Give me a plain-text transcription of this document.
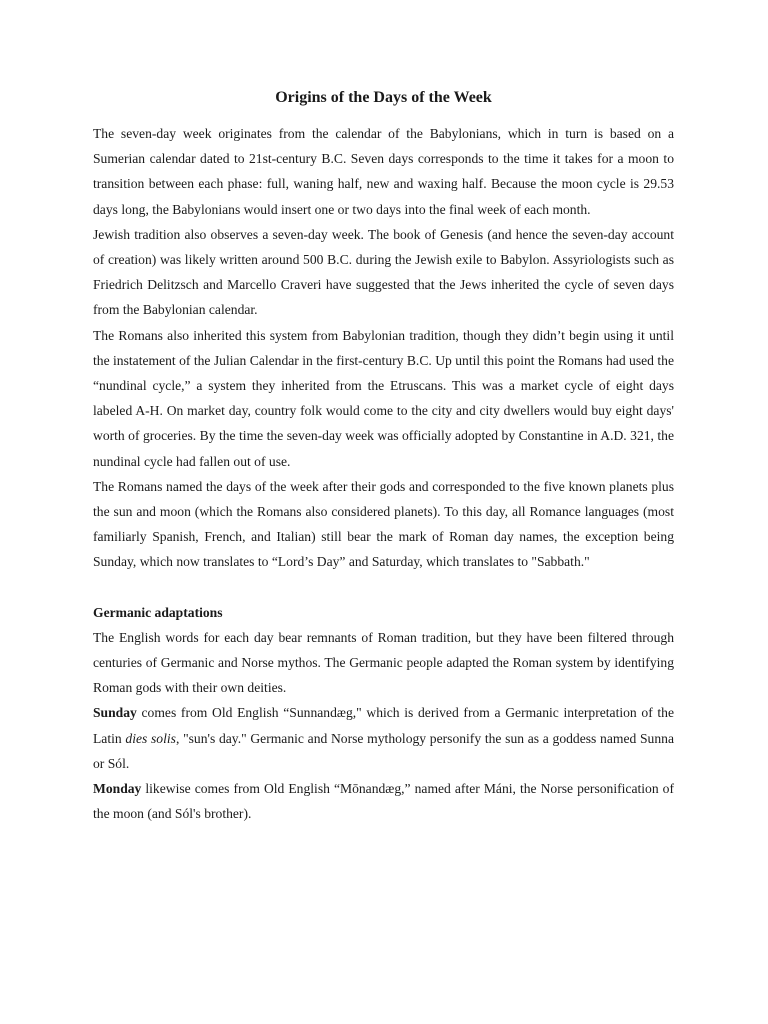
Origins of the Days of the Week

The seven-day week originates from the calendar of the Babylonians, which in turn is based on a Sumerian calendar dated to 21st-century B.C. Seven days corresponds to the time it takes for a moon to transition between each phase: full, waning half, new and waxing half. Because the moon cycle is 29.53 days long, the Babylonians would insert one or two days into the final week of each month.

Jewish tradition also observes a seven-day week. The book of Genesis (and hence the seven-day account of creation) was likely written around 500 B.C. during the Jewish exile to Babylon. Assyriologists such as Friedrich Delitzsch and Marcello Craveri have suggested that the Jews inherited the cycle of seven days from the Babylonian calendar.

The Romans also inherited this system from Babylonian tradition, though they didn’t begin using it until the instatement of the Julian Calendar in the first-century B.C. Up until this point the Romans had used the “nundinal cycle,” a system they inherited from the Etruscans. This was a market cycle of eight days labeled A-H. On market day, country folk would come to the city and city dwellers would buy eight days' worth of groceries. By the time the seven-day week was officially adopted by Constantine in A.D. 321, the nundinal cycle had fallen out of use.

The Romans named the days of the week after their gods and corresponded to the five known planets plus the sun and moon (which the Romans also considered planets). To this day, all Romance languages (most familiarly Spanish, French, and Italian) still bear the mark of Roman day names, the exception being Sunday, which now translates to “Lord’s Day” and Saturday, which translates to "Sabbath."

Germanic adaptations

The English words for each day bear remnants of Roman tradition, but they have been filtered through centuries of Germanic and Norse mythos. The Germanic people adapted the Roman system by identifying Roman gods with their own deities.

Sunday comes from Old English “Sunnandæg," which is derived from a Germanic interpretation of the Latin dies solis, "sun's day." Germanic and Norse mythology personify the sun as a goddess named Sunna or Sól.

Monday likewise comes from Old English “Mōnandæg,” named after Máni, the Norse personification of the moon (and Sól's brother).
